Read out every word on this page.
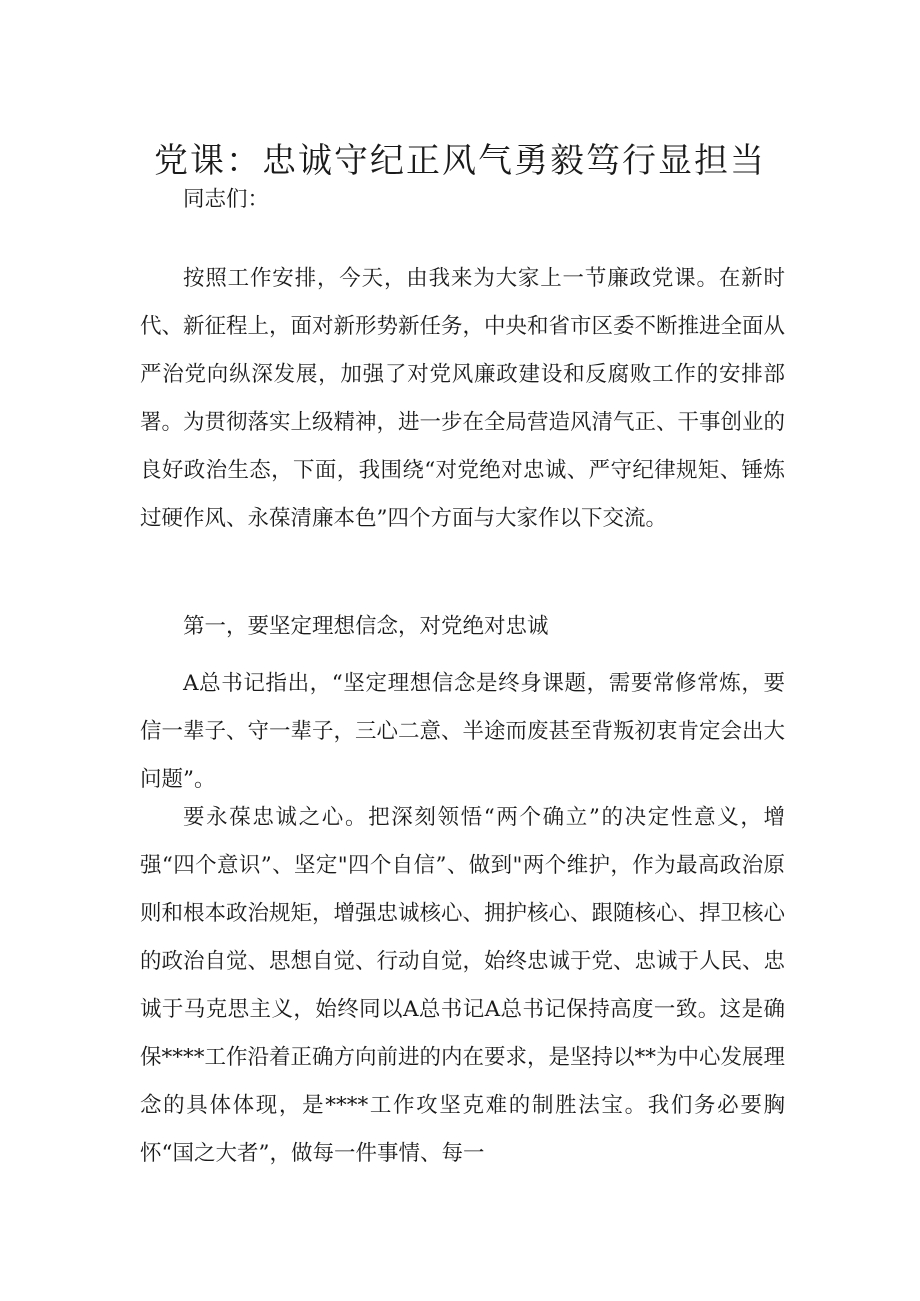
党课：忠诚守纪正风气勇毅笃行显担当

同志们：

按照工作安排，今天，由我来为大家上一节廉政党课。在新时代、新征程上，面对新形势新任务，中央和省市区委不断推进全面从严治党向纵深发展，加强了对党风廉政建设和反腐败工作的安排部署。为贯彻落实上级精神，进一步在全局营造风清气正、干事创业的良好政治生态，下面，我围绕“对党绝对忠诚、严守纪律规矩、锤炼过硬作风、永葆清廉本色”四个方面与大家作以下交流。

第一，要坚定理想信念，对党绝对忠诚

A总书记指出，“坚定理想信念是终身课题，需要常修常炼，要信一辈子、守一辈子，三心二意、半途而废甚至背叛初衷肯定会出大问题”。

要永葆忠诚之心。把深刻领悟“两个确立”的决定性意义，增强“四个意识”、坚定"四个自信”、做到"两个维护，作为最高政治原则和根本政治规矩，增强忠诚核心、拥护核心、跟随核心、捍卫核心的政治自觉、思想自觉、行动自觉，始终忠诚于党、忠诚于人民、忠诚于马克思主义，始终同以A总书记A总书记保持高度一致。这是确保****工作沿着正确方向前进的内在要求，是坚持以**为中心发展理念的具体体现，是****工作攻坚克难的制胜法宝。我们务必要胸怀“国之大者”，做每一件事情、每一
